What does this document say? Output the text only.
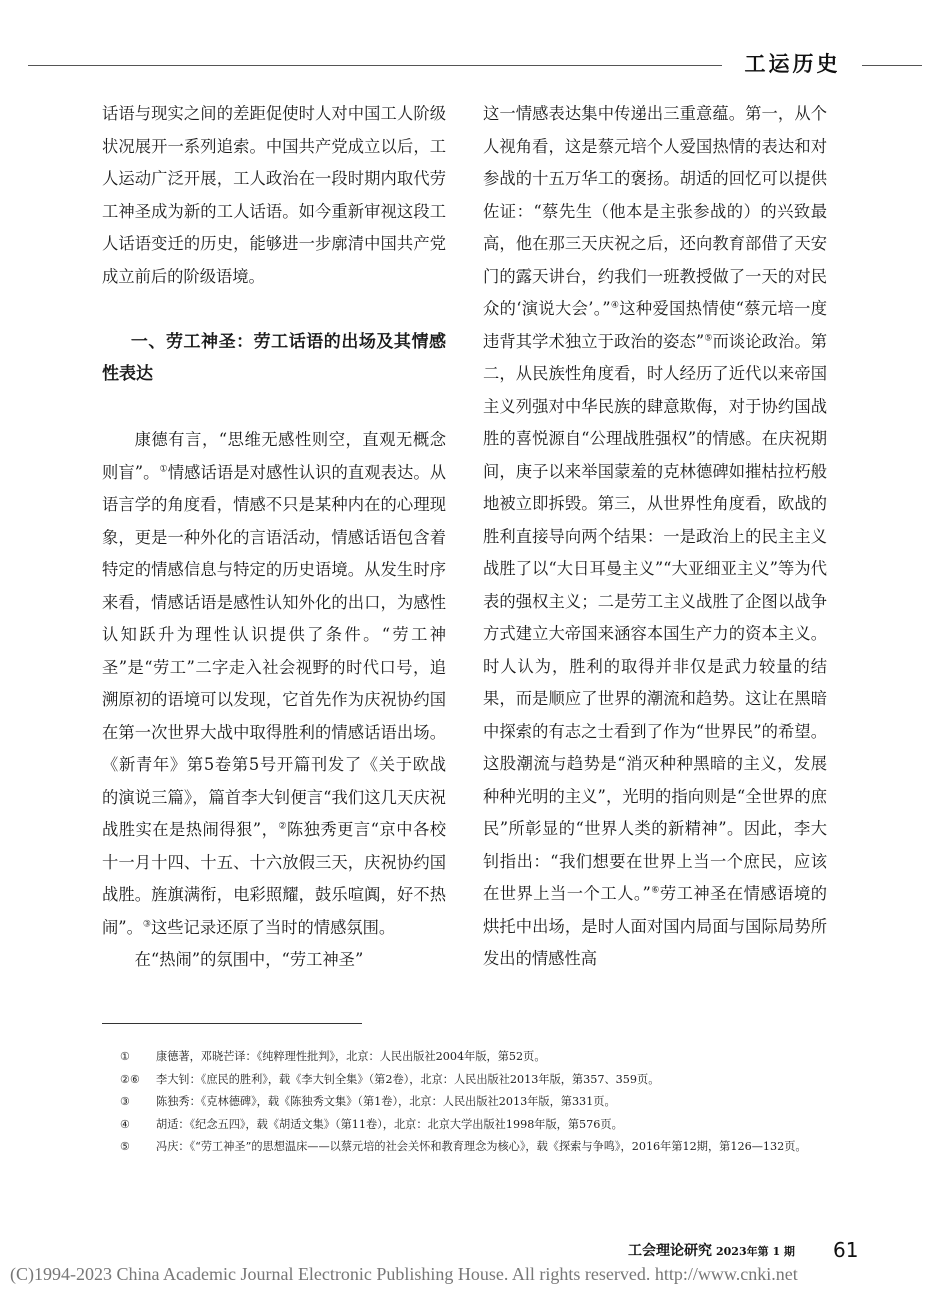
工运历史

话语与现实之间的差距促使时人对中国工人阶级状况展开一系列追索。中国共产党成立以后，工人运动广泛开展，工人政治在一段时期内取代劳工神圣成为新的工人话语。如今重新审视这段工人话语变迁的历史，能够进一步廓清中国共产党成立前后的阶级语境。

一、劳工神圣：劳工话语的出场及其情感性表达

康德有言，“思维无感性则空，直观无概念则盲”。①情感话语是对感性认识的直观表达。从语言学的角度看，情感不只是某种内在的心理现象，更是一种外化的言语活动，情感话语包含着特定的情感信息与特定的历史语境。从发生时序来看，情感话语是感性认知外化的出口，为感性认知跃升为理性认识提供了条件。“劳工神圣”是“劳工”二字走入社会视野的时代口号，追溯原初的语境可以发现，它首先作为庆祝协约国在第一次世界大战中取得胜利的情感话语出场。《新青年》第5卷第5号开篇刊发了《关于欧战的演说三篇》，篇首李大钊便言“我们这几天庆祝战胜实在是热闹得狠”，②陈独秀更言“京中各校十一月十四、十五、十六放假三天，庆祝协约国战胜。旌旗满衔，电彩照耀，鼓乐喧阗，好不热闹”。③这些记录还原了当时的情感氛围。

在“热闹”的氛围中，“劳工神圣”

这一情感表达集中传递出三重意蕴。第一，从个人视角看，这是蔡元培个人爱国热情的表达和对参战的十五万华工的褒扬。胡适的回忆可以提供佐证：“蔡先生（他本是主张参战的）的兴致最高，他在那三天庆祝之后，还向教育部借了天安门的露天讲台，约我们一班教授做了一天的对民众的‘演说大会’。”④这种爱国热情使“蔡元培一度违背其学术独立于政治的姿态”⑤而谈论政治。第二，从民族性角度看，时人经历了近代以来帝国主义列强对中华民族的肆意欺侮，对于协约国战胜的喜悦源自“公理战胜强权”的情感。在庆祝期间，庚子以来举国蒙羞的克林德碑如摧枯拉朽般地被立即拆毁。第三，从世界性角度看，欧战的胜利直接导向两个结果：一是政治上的民主主义战胜了以“大日耳曼主义”“大亚细亚主义”等为代表的强权主义；二是劳工主义战胜了企图以战争方式建立大帝国来涵容本国生产力的资本主义。时人认为，胜利的取得并非仅是武力较量的结果，而是顺应了世界的潮流和趋势。这让在黑暗中探索的有志之士看到了作为“世界民”的希望。这股潮流与趋势是“消灭种种黑暗的主义，发展种种光明的主义”，光明的指向则是“全世界的庶民”所彰显的“世界人类的新精神”。因此，李大钊指出：“我们想要在世界上当一个庶民，应该在世界上当一个工人。”⑥劳工神圣在情感语境的烘托中出场，是时人面对国内局面与国际局势所发出的情感性高

① 康德著，邓晓芒译：《纯粹理性批判》，北京：人民出版社2004年版，第52页。

②⑥ 李大钊：《庶民的胜利》，载《李大钊全集》（第2卷），北京：人民出版社2013年版，第357、359页。

③ 陈独秀：《克林德碑》，载《陈独秀文集》（第1卷），北京：人民出版社2013年版，第331页。

④ 胡适：《纪念五四》，载《胡适文集》（第11卷），北京：北京大学出版社1998年版，第576页。

⑤ 冯庆：《“劳工神圣”的思想温床——以蔡元培的社会关怀和教育理念为核心》，载《探索与争鸣》，2016年第12期，第126—132页。

工会理论研究 2023年第 1 期 61
(C)1994-2023 China Academic Journal Electronic Publishing House. All rights reserved. http://www.cnki.net
